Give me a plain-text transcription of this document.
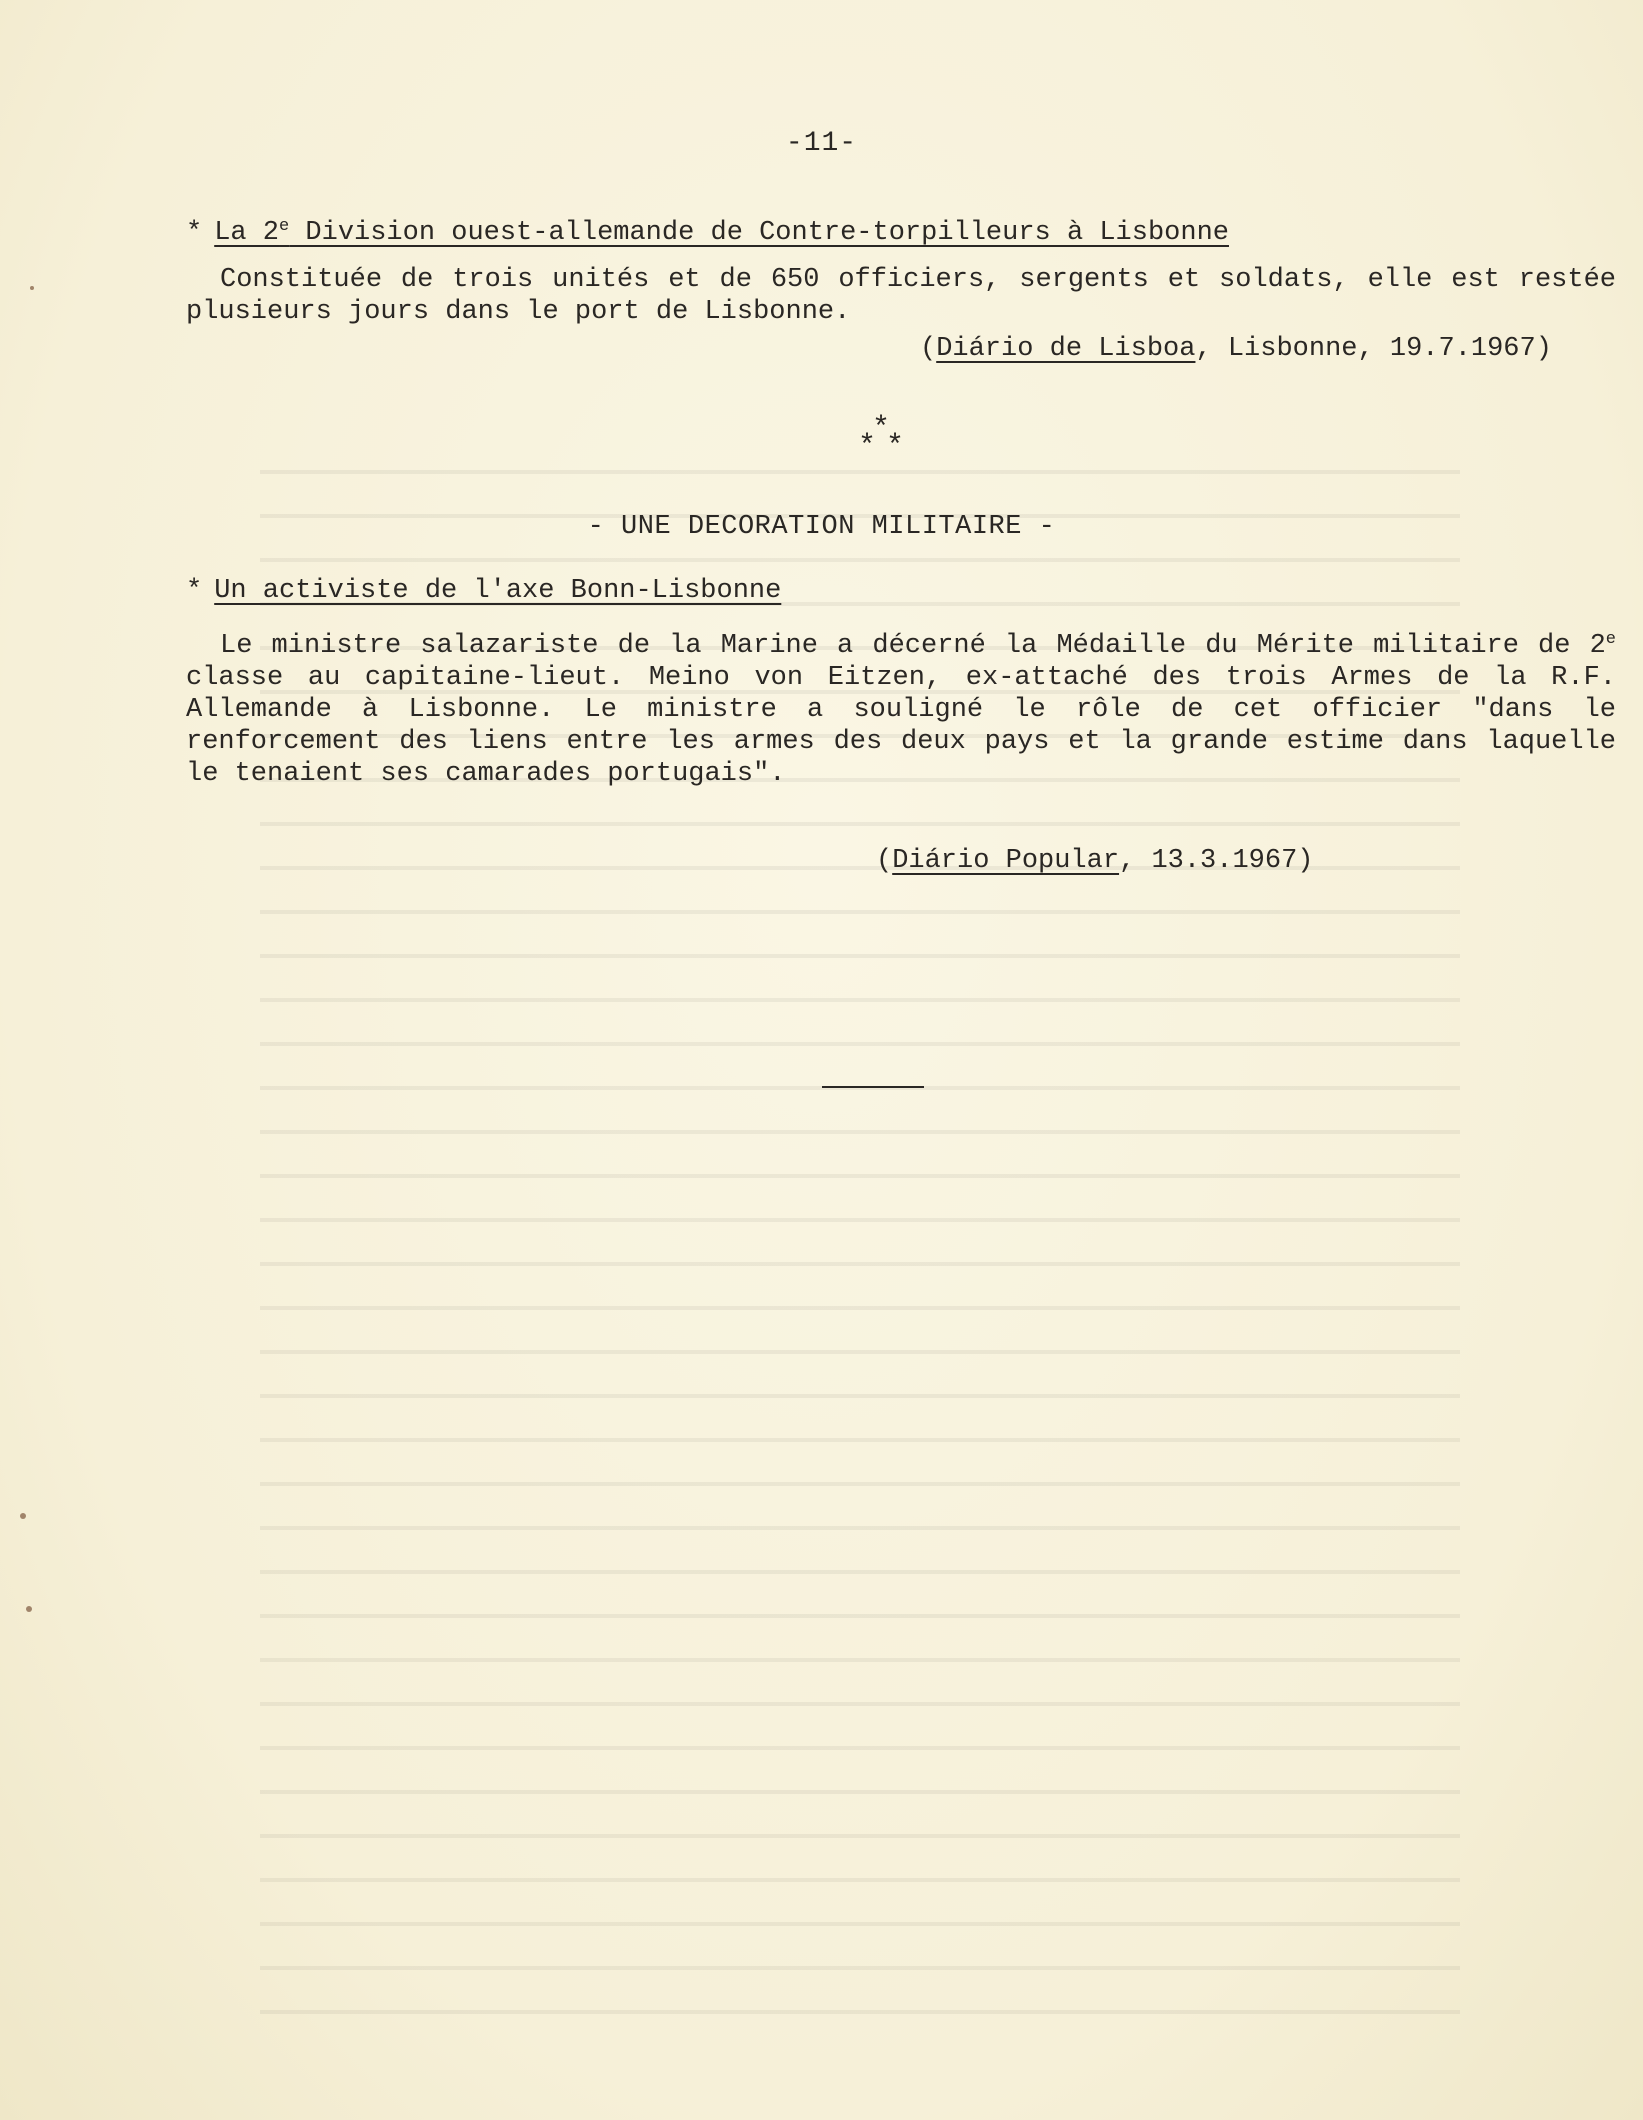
-11-
* La 2e Division ouest-allemande de Contre-torpilleurs à Lisbonne
Constituée de trois unités et de 650 officiers, sergents et soldats, elle est restée plusieurs jours dans le port de Lisbonne.
(Diário de Lisboa, Lisbonne, 19.7.1967)
*
* *
- UNE DECORATION MILITAIRE -
* Un activiste de l'axe Bonn-Lisbonne
Le ministre salazariste de la Marine a décerné la Médaille du Mérite militaire de 2e classe au capitaine-lieut. Meino von Eitzen, ex-attaché des trois Armes de la R.F. Allemande à Lisbonne. Le ministre a souligné le rôle de cet officier "dans le renforcement des liens entre les armes des deux pays et la grande estime dans laquelle le tenaient ses camarades portugais".
(Diário Popular, 13.3.1967)
